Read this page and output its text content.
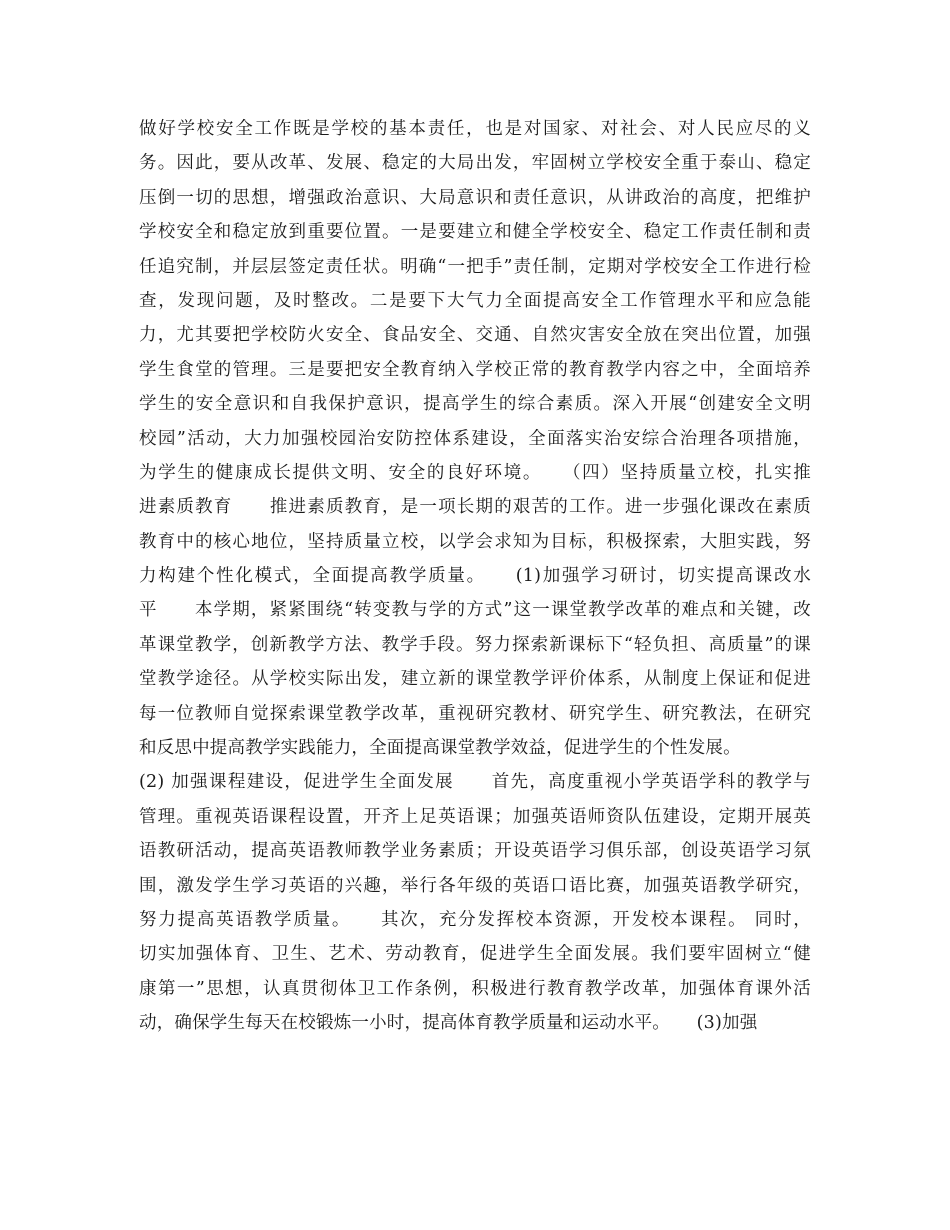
做好学校安全工作既是学校的基本责任，也是对国家、对社会、对人民应尽的义
务。因此，要从改革、发展、稳定的大局出发，牢固树立学校安全重于泰山、稳定
压倒一切的思想，增强政治意识、大局意识和责任意识，从讲政治的高度，把维护
学校安全和稳定放到重要位置。一是要建立和健全学校安全、稳定工作责任制和责
任追究制，并层层签定责任状。明确“一把手”责任制，定期对学校安全工作进行检
查，发现问题，及时整改。二是要下大气力全面提高安全工作管理水平和应急能
力，尤其要把学校防火安全、食品安全、交通、自然灾害安全放在突出位置，加强
学生食堂的管理。三是要把安全教育纳入学校正常的教育教学内容之中，全面培养
学生的安全意识和自我保护意识，提高学生的综合素质。深入开展“创建安全文明
校园”活动，大力加强校园治安防控体系建设，全面落实治安综合治理各项措施，
为学生的健康成长提供文明、安全的良好环境。　　（四）坚持质量立校，扎实推
进素质教育　　推进素质教育，是一项长期的艰苦的工作。进一步强化课改在素质
教育中的核心地位，坚持质量立校，以学会求知为目标，积极探索，大胆实践，努
力构建个性化模式，全面提高教学质量。　　(1)加强学习研讨，切实提高课改水
平　　本学期，紧紧围绕“转变教与学的方式”这一课堂教学改革的难点和关键，改
革课堂教学，创新教学方法、教学手段。努力探索新课标下“轻负担、高质量”的课
堂教学途径。从学校实际出发，建立新的课堂教学评价体系，从制度上保证和促进
每一位教师自觉探索课堂教学改革，重视研究教材、研究学生、研究教法，在研究
和反思中提高教学实践能力，全面提高课堂教学效益，促进学生的个性发展。
(2) 加强课程建设，促进学生全面发展　　首先，高度重视小学英语学科的教学与
管理。重视英语课程设置，开齐上足英语课；加强英语师资队伍建设，定期开展英
语教研活动，提高英语教师教学业务素质；开设英语学习俱乐部，创设英语学习氛
围，激发学生学习英语的兴趣，举行各年级的英语口语比赛，加强英语教学研究，
努力提高英语教学质量。　　其次，充分发挥校本资源，开发校本课程。 同时，
切实加强体育、卫生、艺术、劳动教育，促进学生全面发展。我们要牢固树立“健
康第一”思想，认真贯彻体卫工作条例，积极进行教育教学改革，加强体育课外活
动，确保学生每天在校锻炼一小时，提高体育教学质量和运动水平。　　(3)加强
